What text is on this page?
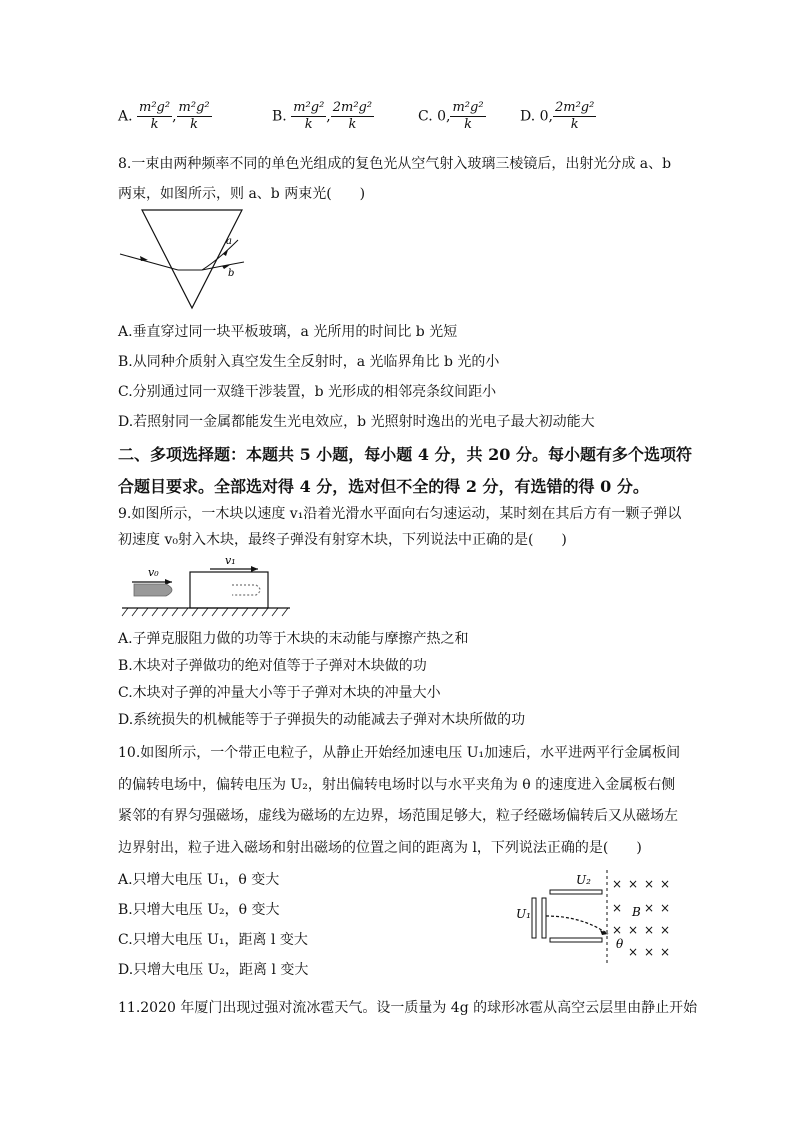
A. $\frac{\text{m²g²}}{k}$ , $\frac{\text{m²g²}}{k}$	B. $\frac{\text{m²g²}}{k}$ , $\frac{\text{2m²g²}}{k}$	C. 0, $\frac{\text{m²g²}}{k} D$. 0, $\frac{\text{2m²g²}}{k}$
8.一束由两种频率不同的单色光组成的复色光从空气射入玻璃三棱镜后，出射光分成 a、b
两束，如图所示，则 a、b 两束光(　　)
a
b
A.垂直穿过同一块平板玻璃，a 光所用的时间比 b 光短
B.从同种介质射入真空发生全反射时，a 光临界角比 b 光的小
C.分别通过同一双缝干涉装置，b 光形成的相邻亮条纹间距小
D.若照射同一金属都能发生光电效应，b 光照射时逸出的光电子最大初动能大
二、多项选择题：本题共 5 小题，每小题 4 分，共 20 分。每小题有多个选项符
合题目要求。全部选对得 4 分，选对但不全的得 2 分，有选错的得 0 分。
9.如图所示，一木块以速度 v₁沿着光滑水平面向右匀速运动，某时刻在其后方有一颗子弹以
初速度 v₀射入木块，最终子弹没有射穿木块，下列说法中正确的是(　　)
v₀
v₁
A.子弹克服阻力做的功等于木块的末动能与摩擦产热之和
B.木块对子弹做功的绝对值等于子弹对木块做的功
C.木块对子弹的冲量大小等于子弹对木块的冲量大小
D.系统损失的机械能等于子弹损失的动能减去子弹对木块所做的功
10.如图所示，一个带正电粒子，从静止开始经加速电压 U₁加速后，水平进两平行金属板间
的偏转电场中，偏转电压为 U₂，射出偏转电场时以与水平夹角为 θ 的速度进入金属板右侧
紧邻的有界匀强磁场，虚线为磁场的左边界，场范围足够大，粒子经磁场偏转后又从磁场左
边界射出，粒子进入磁场和射出磁场的位置之间的距离为 l，下列说法正确的是(　　)
A.只增大电压 U₁，θ 变大
B.只增大电压 U₂，θ 变大
C.只增大电压 U₁，距离 l 变大
D.只增大电压 U₂，距离 l 变大
U₁
U₂
θ
B
× × × ×
× × ×
× × × ×
× × ×
11.2020 年厦门出现过强对流冰雹天气。设一质量为 4g 的球形冰雹从高空云层里由静止开始
